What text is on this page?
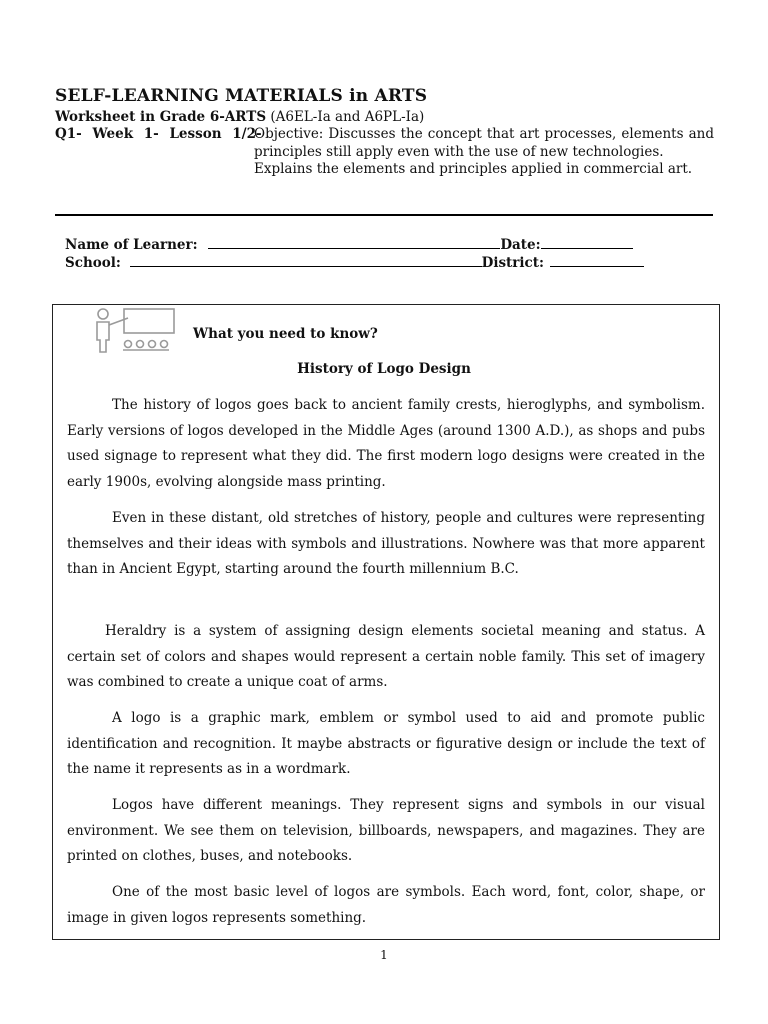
SELF-LEARNING MATERIALS in ARTS
Worksheet in Grade 6-ARTS (A6EL-Ia and A6PL-Ia)
Q1- Week 1- Lesson 1/2-
Objective: Discusses the concept that art processes, elements and principles still apply even with the use of new technologies.
Explains the elements and principles applied in commercial art.
Name of Learner:	Date:
School:	District:
What you need to know?
History of Logo Design
The history of logos goes back to ancient family crests, hieroglyphs, and symbolism. Early versions of logos developed in the Middle Ages (around 1300 A.D.), as shops and pubs used signage to represent what they did. The first modern logo designs were created in the early 1900s, evolving alongside mass printing.
Even in these distant, old stretches of history, people and cultures were representing themselves and their ideas with symbols and illustrations. Nowhere was that more apparent than in Ancient Egypt, starting around the fourth millennium B.C.
Heraldry is a system of assigning design elements societal meaning and status. A certain set of colors and shapes would represent a certain noble family. This set of imagery was combined to create a unique coat of arms.
A logo is a graphic mark, emblem or symbol used to aid and promote public identification and recognition. It maybe abstracts or figurative design or include the text of the name it represents as in a wordmark.
Logos have different meanings. They represent signs and symbols in our visual environment. We see them on television, billboards, newspapers, and magazines. They are printed on clothes, buses, and notebooks.
One of the most basic level of logos are symbols. Each word, font, color, shape, or image in given logos represents something.
1
